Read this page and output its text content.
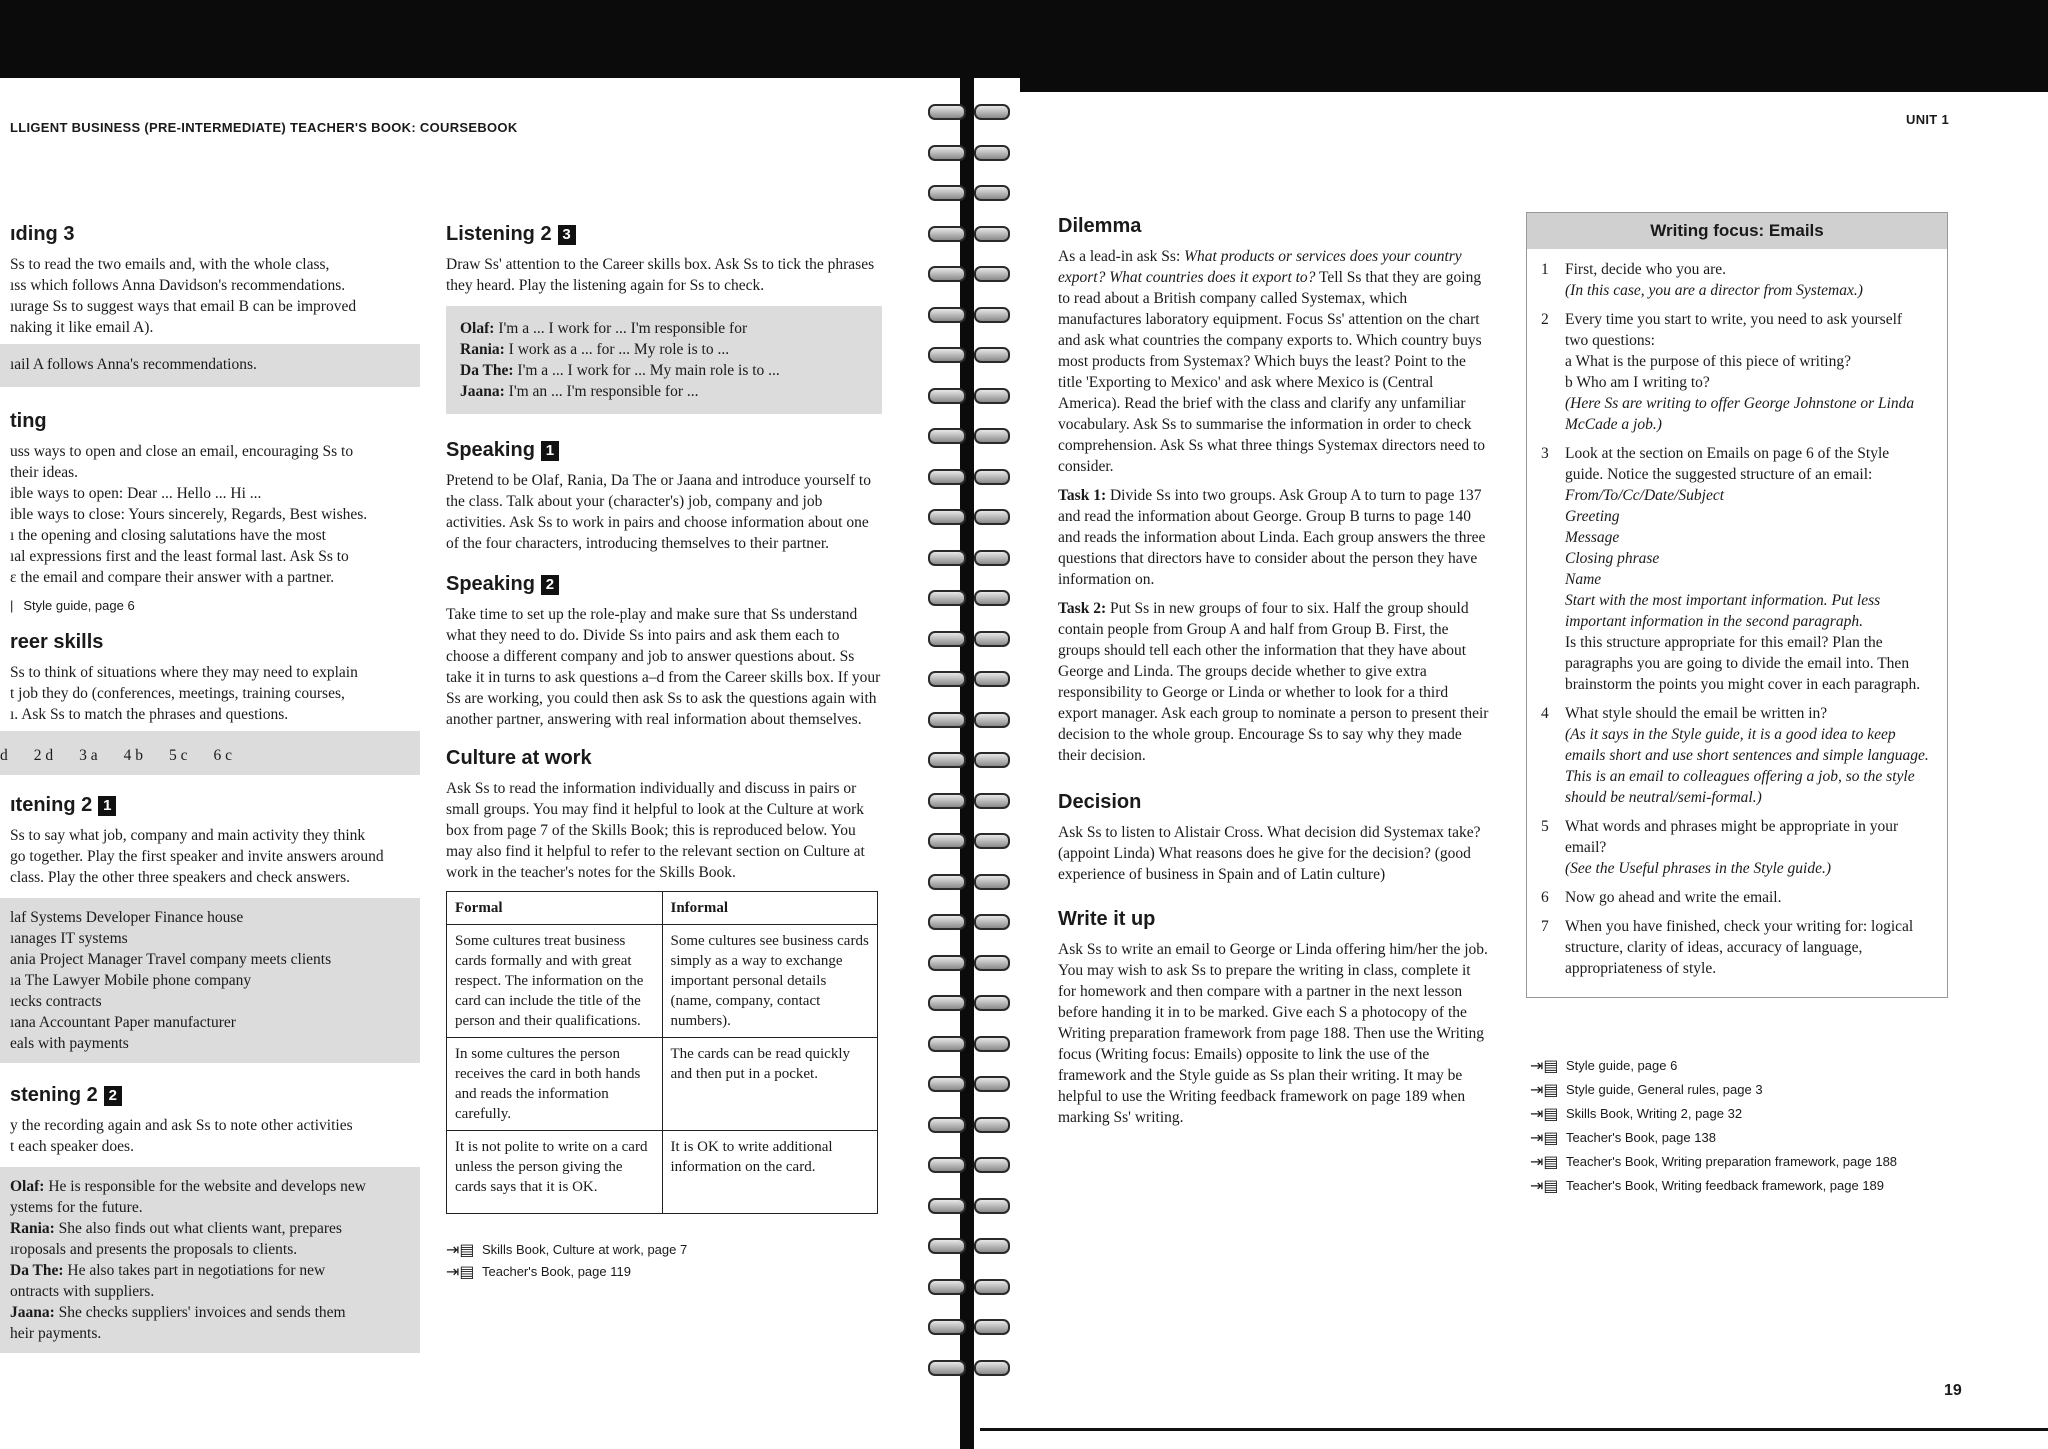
LLIGENT BUSINESS (PRE-INTERMEDIATE) TEACHER'S BOOK: COURSEBOOK
ıding 3
Ss to read the two emails and, with the whole class,
ıss which follows Anna Davidson's recommendations.
ıurage Ss to suggest ways that email B can be improved
naking it like email A).
ıail A follows Anna's recommendations.
ting
uss ways to open and close an email, encouraging Ss to
their ideas.
ible ways to open: Dear ... Hello ... Hi ...
ible ways to close: Yours sincerely, Regards, Best wishes.
ı the opening and closing salutations have the most
ıal expressions first and the least formal last. Ask Ss to
ɛ the email and compare their answer with a partner.
| Style guide, page 6
reer skills
Ss to think of situations where they may need to explain
t job they do (conferences, meetings, training courses,
ı. Ask Ss to match the phrases and questions.
d 2 d 3 a 4 b 5 c 6 c
ıtening 2 1
Ss to say what job, company and main activity they think
go together. Play the first speaker and invite answers around
class. Play the other three speakers and check answers.
laf Systems Developer Finance house
ıanages IT systems
ania Project Manager Travel company meets clients
ıa The Lawyer Mobile phone company
ıecks contracts
ıana Accountant Paper manufacturer
eals with payments
stening 2 2
y the recording again and ask Ss to note other activities
t each speaker does.
Olaf: He is responsible for the website and develops new
ystems for the future.
Rania: She also finds out what clients want, prepares
ıroposals and presents the proposals to clients.
Da The: He also takes part in negotiations for new
ontracts with suppliers.
Jaana: She checks suppliers' invoices and sends them
heir payments.
Listening 2 3

Draw Ss' attention to the Career skills box. Ask Ss to tick the phrases they heard. Play the listening again for Ss to check.

Olaf: I'm a ... I work for ... I'm responsible for
Rania: I work as a ... for ... My role is to ...
Da The: I'm a ... I work for ... My main role is to ...
Jaana: I'm an ... I'm responsible for ...
Speaking 1

Pretend to be Olaf, Rania, Da The or Jaana and introduce yourself to the class. Talk about your (character's) job, company and job activities. Ask Ss to work in pairs and choose information about one of the four characters, introducing themselves to their partner.

Speaking 2

Take time to set up the role-play and make sure that Ss understand what they need to do. Divide Ss into pairs and ask them each to choose a different company and job to answer questions about. Ss take it in turns to ask questions a–d from the Career skills box. If your Ss are working, you could then ask Ss to ask the questions again with another partner, answering with real information about themselves.

Culture at work

Ask Ss to read the information individually and discuss in pairs or small groups. You may find it helpful to look at the Culture at work box from page 7 of the Skills Book; this is reproduced below. You may also find it helpful to refer to the relevant section on Culture at work in the teacher's notes for the Skills Book.

Formal	Informal
Some cultures treat business cards formally and with great respect. The information on the card can include the title of the person and their qualifications.	Some cultures see business cards simply as a way to exchange important personal details (name, company, contact numbers).
In some cultures the person receives the card in both hands and reads the information carefully.	The cards can be read quickly and then put in a pocket.
It is not polite to write on a card unless the person giving the cards says that it is OK.	It is OK to write additional information on the card.
⇥▤ Skills Book, Culture at work, page 7
⇥▤ Teacher's Book, page 119
UNIT 1
19
Dilemma

As a lead-in ask Ss: What products or services does your country export? What countries does it export to? Tell Ss that they are going to read about a British company called Systemax, which manufactures laboratory equipment. Focus Ss' attention on the chart and ask what countries the company exports to. Which country buys most products from Systemax? Which buys the least? Point to the title 'Exporting to Mexico' and ask where Mexico is (Central America). Read the brief with the class and clarify any unfamiliar vocabulary. Ask Ss to summarise the information in order to check comprehension. Ask Ss what three things Systemax directors need to consider.

Task 1: Divide Ss into two groups. Ask Group A to turn to page 137 and read the information about George. Group B turns to page 140 and reads the information about Linda. Each group answers the three questions that directors have to consider about the person they have information on.

Task 2: Put Ss in new groups of four to six. Half the group should contain people from Group A and half from Group B. First, the groups should tell each other the information that they have about George and Linda. The groups decide whether to give extra responsibility to George or Linda or whether to look for a third export manager. Ask each group to nominate a person to present their decision to the whole group. Encourage Ss to say why they made their decision.

Decision

Ask Ss to listen to Alistair Cross. What decision did Systemax take? (appoint Linda) What reasons does he give for the decision? (good experience of business in Spain and of Latin culture)

Write it up

Ask Ss to write an email to George or Linda offering him/her the job. You may wish to ask Ss to prepare the writing in class, complete it for homework and then compare with a partner in the next lesson before handing it in to be marked. Give each S a photocopy of the Writing preparation framework from page 188. Then use the Writing focus (Writing focus: Emails) opposite to link the use of the framework and the Style guide as Ss plan their writing. It may be helpful to use the Writing feedback framework on page 189 when marking Ss' writing.

Writing focus: Emails
1	First, decide who you are.
(In this case, you are a director from Systemax.)
2	Every time you start to write, you need to ask yourself two questions:
a What is the purpose of this piece of writing?
b Who am I writing to?
(Here Ss are writing to offer George Johnstone or Linda McCade a job.)
3	Look at the section on Emails on page 6 of the Style guide. Notice the suggested structure of an email:
From/To/Cc/Date/Subject
Greeting
Message
Closing phrase
Name
Start with the most important information. Put less important information in the second paragraph.
Is this structure appropriate for this email? Plan the paragraphs you are going to divide the email into. Then brainstorm the points you might cover in each paragraph.
4	What style should the email be written in?
(As it says in the Style guide, it is a good idea to keep emails short and use short sentences and simple language. This is an email to colleagues offering a job, so the style should be neutral/semi-formal.)
5	What words and phrases might be appropriate in your email?
(See the Useful phrases in the Style guide.)
6	Now go ahead and write the email.
7	When you have finished, check your writing for: logical structure, clarity of ideas, accuracy of language, appropriateness of style.
⇥▤ Style guide, page 6
⇥▤ Style guide, General rules, page 3
⇥▤ Skills Book, Writing 2, page 32
⇥▤ Teacher's Book, page 138
⇥▤ Teacher's Book, Writing preparation framework, page 188
⇥▤ Teacher's Book, Writing feedback framework, page 189
